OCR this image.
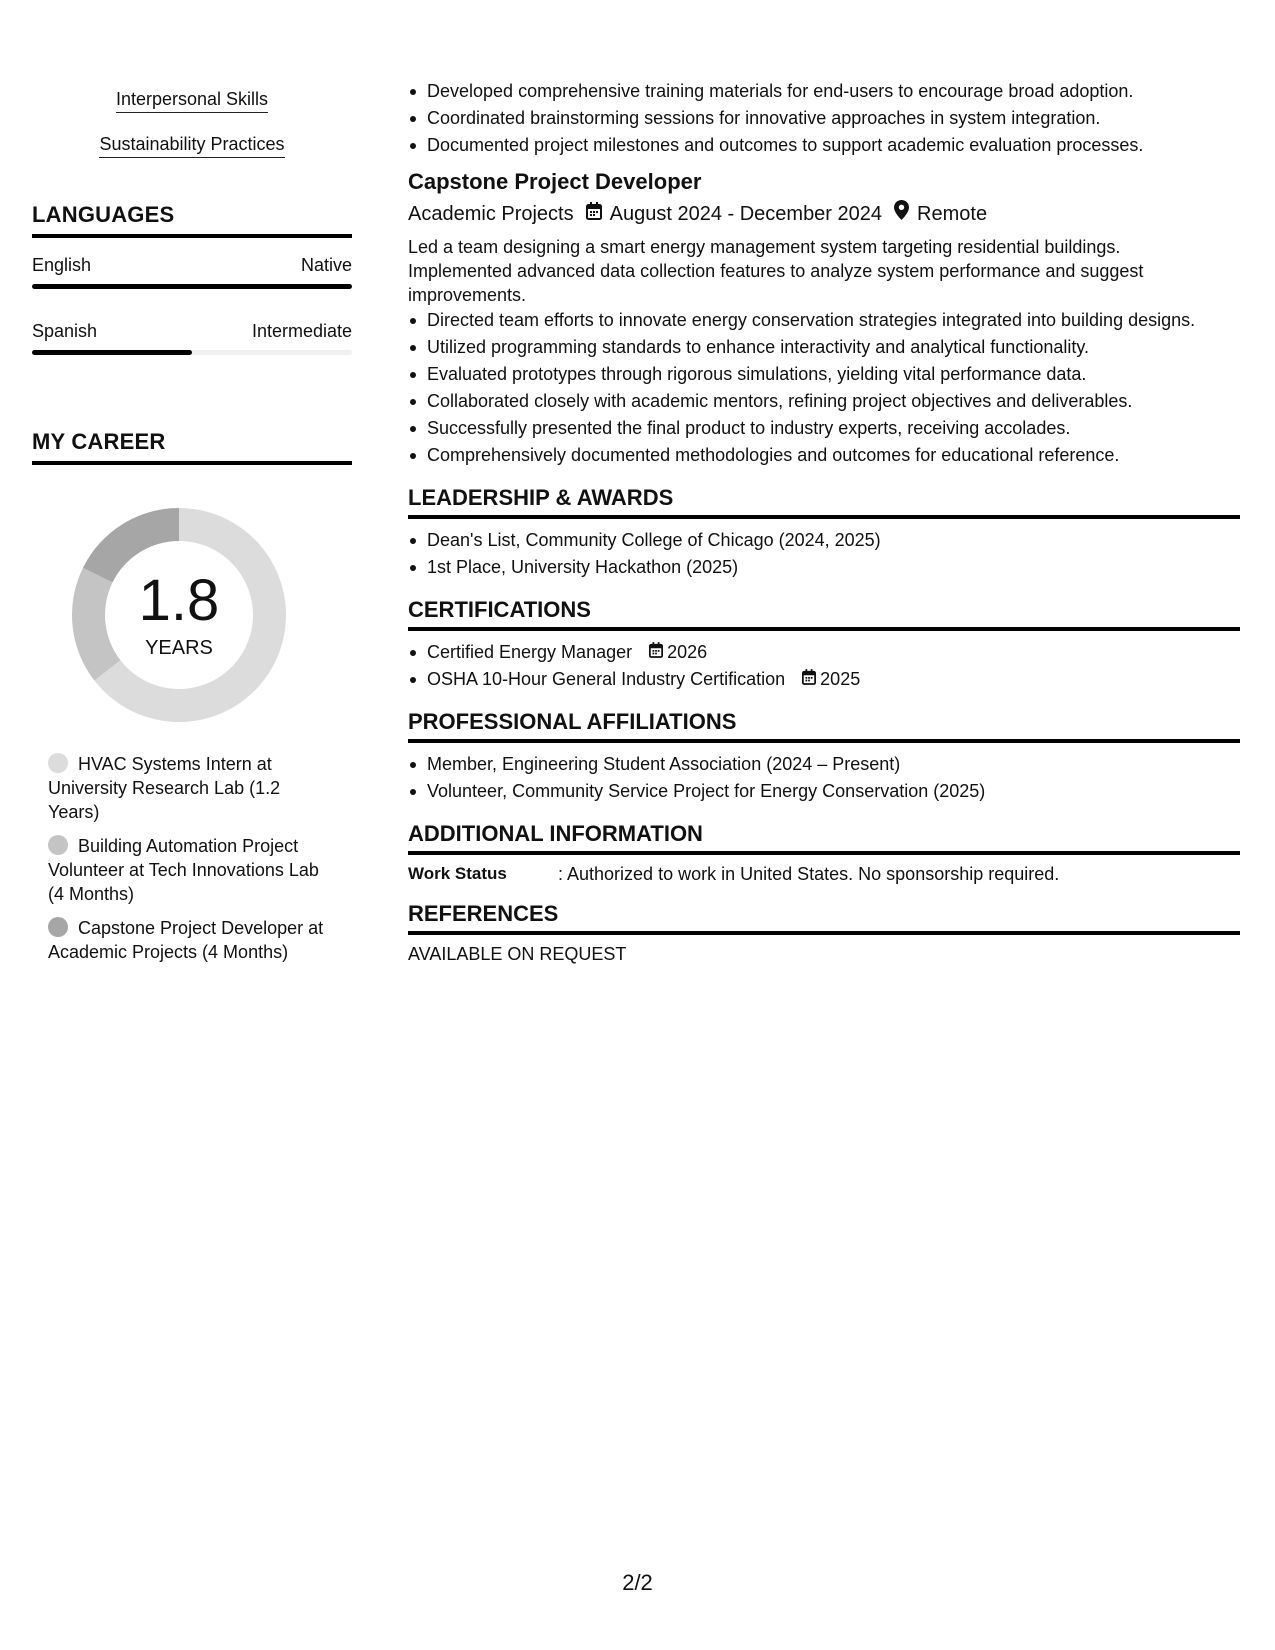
Interpersonal Skills
Sustainability Practices
LANGUAGES
English	Native
Spanish	Intermediate
MY CAREER
1.8
YEARS
HVAC Systems Intern at University Research Lab (1.2 Years)
Building Automation Project Volunteer at Tech Innovations Lab (4 Months)
Capstone Project Developer at Academic Projects (4 Months)
Developed comprehensive training materials for end-users to encourage broad adoption.
Coordinated brainstorming sessions for innovative approaches in system integration.
Documented project milestones and outcomes to support academic evaluation processes.
Capstone Project Developer
Academic Projects August 2024 - December 2024 Remote
Led a team designing a smart energy management system targeting residential buildings. Implemented advanced data collection features to analyze system performance and suggest improvements.
Directed team efforts to innovate energy conservation strategies integrated into building designs.
Utilized programming standards to enhance interactivity and analytical functionality.
Evaluated prototypes through rigorous simulations, yielding vital performance data.
Collaborated closely with academic mentors, refining project objectives and deliverables.
Successfully presented the final product to industry experts, receiving accolades.
Comprehensively documented methodologies and outcomes for educational reference.
LEADERSHIP & AWARDS
Dean's List, Community College of Chicago (2024, 2025)
1st Place, University Hackathon (2025)
CERTIFICATIONS
Certified Energy Manager 2026
OSHA 10-Hour General Industry Certification 2025
PROFESSIONAL AFFILIATIONS
Member, Engineering Student Association (2024 – Present)
Volunteer, Community Service Project for Energy Conservation (2025)
ADDITIONAL INFORMATION
Work Status	: Authorized to work in United States. No sponsorship required.
REFERENCES
AVAILABLE ON REQUEST
2/2
